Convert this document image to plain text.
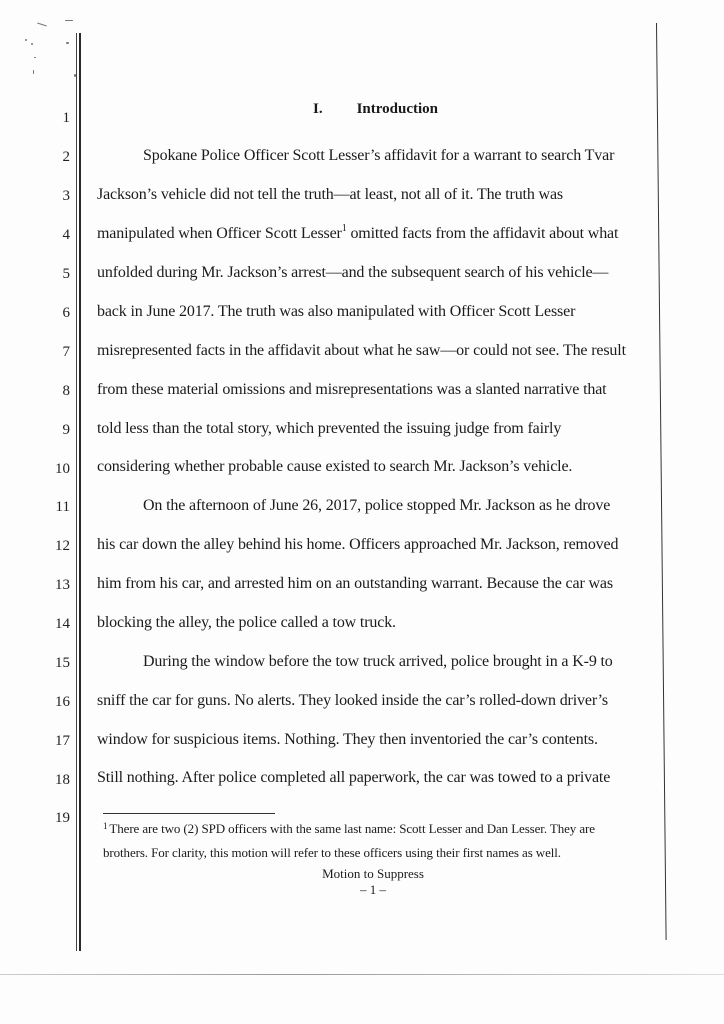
1
2
3
4
5
6
7
8
9
10
11
12
13
14
15
16
17
18
19
I. Introduction
Spokane Police Officer Scott Lesser’s affidavit for a warrant to search Tvar
Jackson’s vehicle did not tell the truth—at least, not all of it. The truth was
manipulated when Officer Scott Lesser$^1$ omitted facts from the affidavit about what
unfolded during Mr. Jackson’s arrest—and the subsequent search of his vehicle—
back in June 2017. The truth was also manipulated with Officer Scott Lesser
misrepresented facts in the affidavit about what he saw—or could not see. The result
from these material omissions and misrepresentations was a slanted narrative that
told less than the total story, which prevented the issuing judge from fairly
considering whether probable cause existed to search Mr. Jackson’s vehicle.
On the afternoon of June 26, 2017, police stopped Mr. Jackson as he drove
his car down the alley behind his home. Officers approached Mr. Jackson, removed
him from his car, and arrested him on an outstanding warrant. Because the car was
blocking the alley, the police called a tow truck.
During the window before the tow truck arrived, police brought in a K-9 to
sniff the car for guns. No alerts. They looked inside the car’s rolled-down driver’s
window for suspicious items. Nothing. They then inventoried the car’s contents.
Still nothing. After police completed all paperwork, the car was towed to a private
$^1$ There are two (2) SPD officers with the same last name: Scott Lesser and Dan Lesser. They are
brothers. For clarity, this motion will refer to these officers using their first names as well.
Motion to Suppress
– 1 –
